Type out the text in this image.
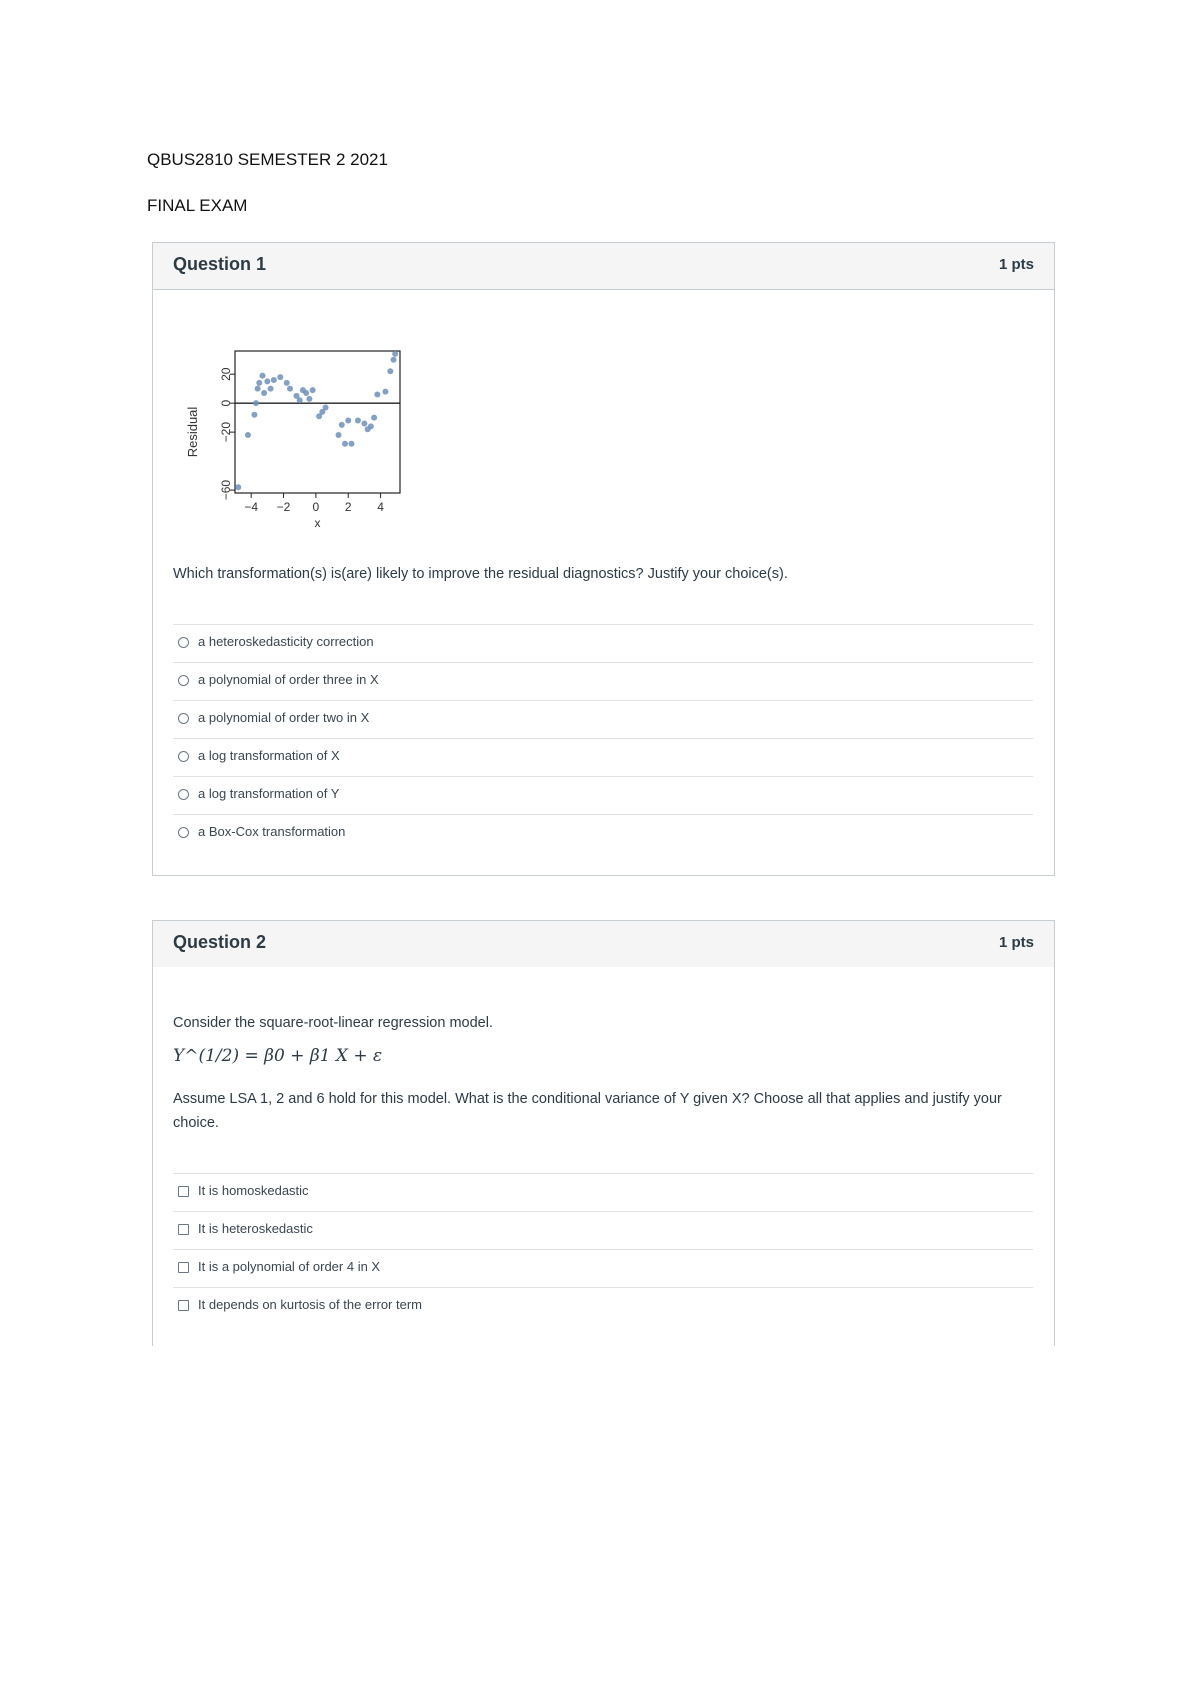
QBUS2810 SEMESTER 2 2021
FINAL EXAM
Question 1	1 pts
−4 −2 0 2 4
−60
−20
0
20
x
Residual
Which transformation(s) is(are) likely to improve the residual diagnostics? Justify your choice(s).
a heteroskedasticity correction
a polynomial of order three in X
a polynomial of order two in X
a log transformation of X
a log transformation of Y
a Box-Cox transformation
Question 2	1 pts
Consider the square-root-linear regression model.
Y^(1/2) = β0 + β1 X + ε
Assume LSA 1, 2 and 6 hold for this model. What is the conditional variance of Y given X? Choose all that applies and justify your choice.
It is homoskedastic
It is heteroskedastic
It is a polynomial of order 4 in X
It depends on kurtosis of the error term
